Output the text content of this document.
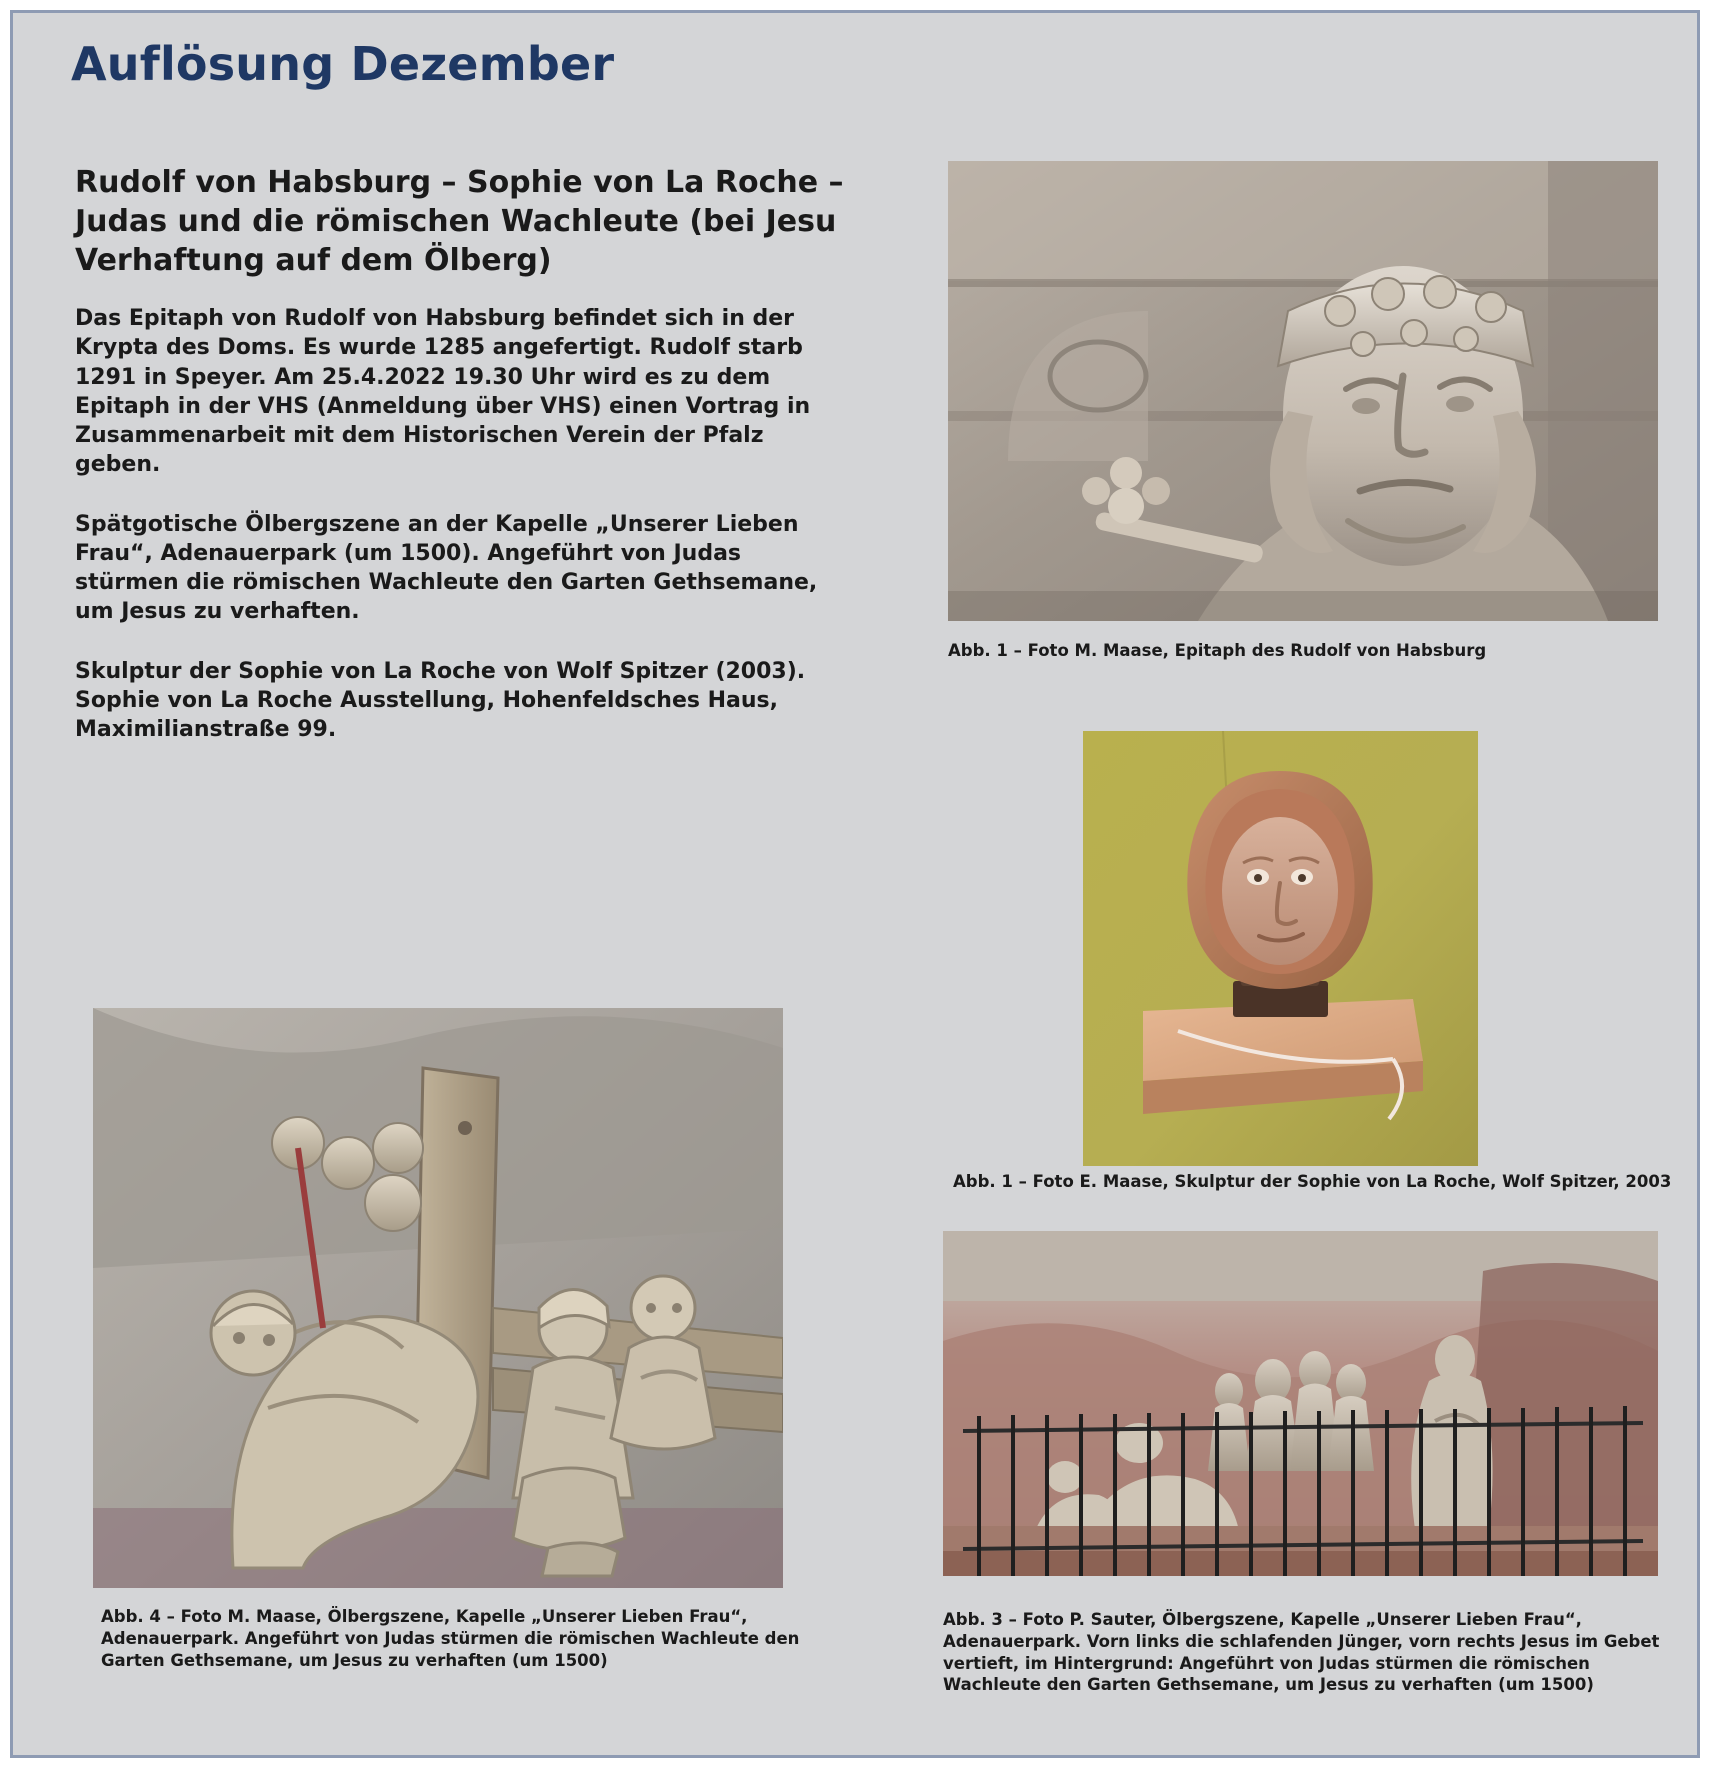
Auflösung Dezember
Rudolf von Habsburg – Sophie von La Roche – Judas und die römischen Wachleute (bei Jesu Verhaftung auf dem Ölberg)

Das Epitaph von Rudolf von Habsburg befindet sich in der Krypta des Doms. Es wurde 1285 angefertigt. Rudolf starb 1291 in Speyer. Am 25.4.2022 19.30 Uhr wird es zu dem Epitaph in der VHS (Anmeldung über VHS) einen Vortrag in Zusammenarbeit mit dem Historischen Verein der Pfalz geben.

Spätgotische Ölbergszene an der Kapelle „Unserer Lieben Frau“, Adenauerpark (um 1500). Angeführt von Judas stürmen die römischen Wachleute den Garten Gethsemane, um Jesus zu verhaften.

Skulptur der Sophie von La Roche von Wolf Spitzer (2003). Sophie von La Roche Ausstellung, Hohenfeldsches Haus, Maximilianstraße 99.

Abb. 1 – Foto M. Maase, Epitaph des Rudolf von Habsburg
Abb. 1 – Foto E. Maase, Skulptur der Sophie von La Roche, Wolf Spitzer, 2003
Abb. 3 – Foto P. Sauter, Ölbergszene, Kapelle „Unserer Lieben Frau“, Adenauerpark. Vorn links die schlafenden Jünger, vorn rechts Jesus im Gebet vertieft, im Hintergrund: Angeführt von Judas stürmen die römischen Wachleute den Garten Gethsemane, um Jesus zu verhaften (um 1500)
Abb. 4 – Foto M. Maase, Ölbergszene, Kapelle „Unserer Lieben Frau“, Adenauerpark. Angeführt von Judas stürmen die römischen Wachleute den Garten Gethsemane, um Jesus zu verhaften (um 1500)
